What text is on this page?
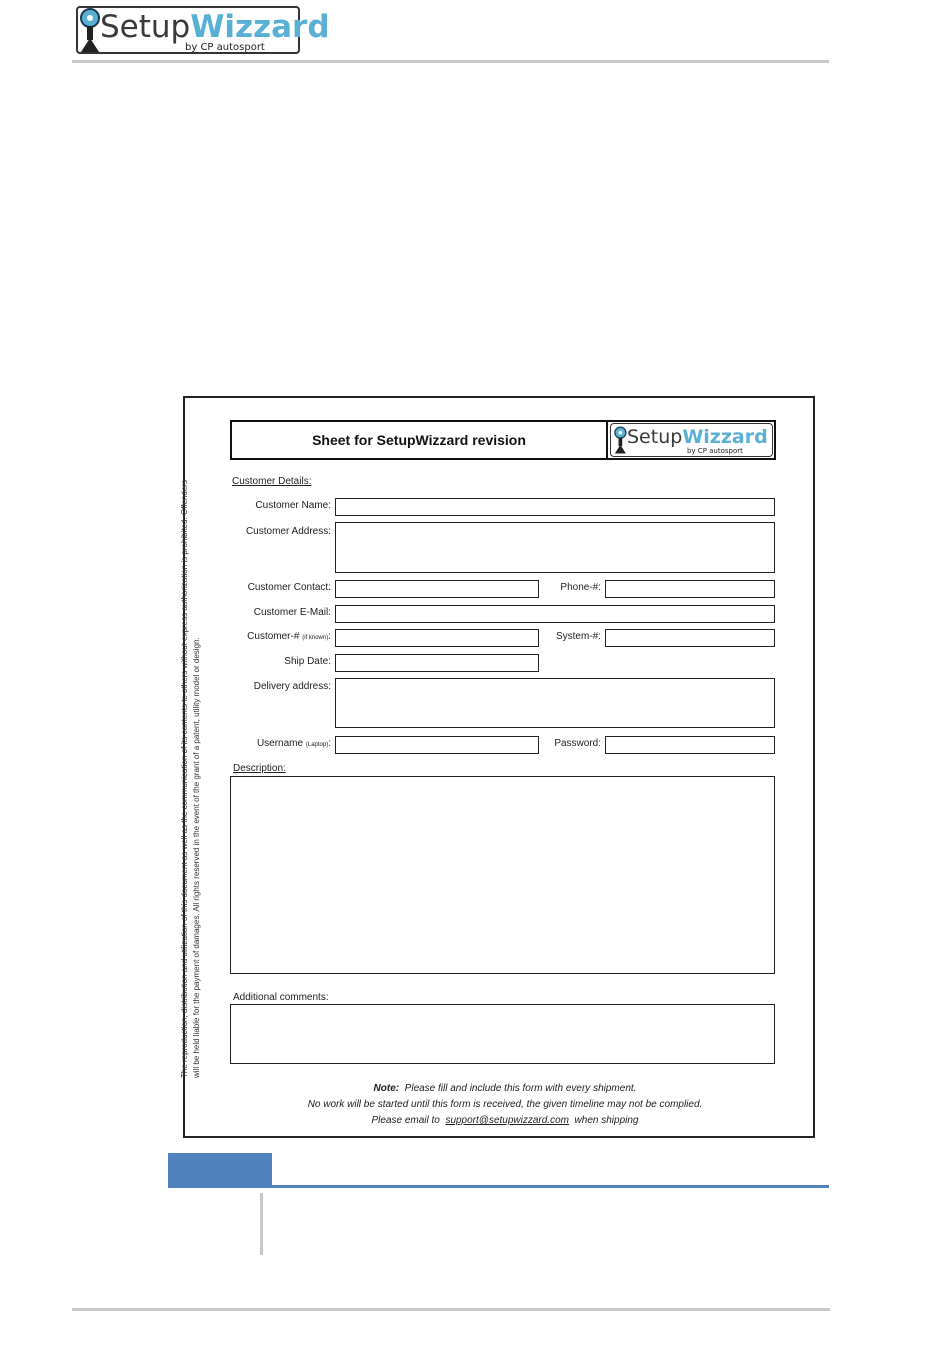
SetupWizzard
by CP autosport
The reproduction, distribution and utilization of this document as well as the communication of its contents to others without express authorization is prohibited. Offenders will be held liable for the payment of damages. All rights reserved in the event of the grant of a patent, utility model or design.
Sheet for SetupWizzard revision	SetupWizzard
by CP autosport
Customer Details:
Customer Name:
Customer Address:
Customer Contact:	Phone-#:
Customer E-Mail:
Customer-# (if known):	System-#:
Ship Date:
Delivery address:
Username (Laptop):	Password:
Description:
Additional comments:
Note: Please fill and include this form with every shipment.
No work will be started until this form is received, the given timeline may not be complied.
Please email to support@setupwizzard.com when shipping
